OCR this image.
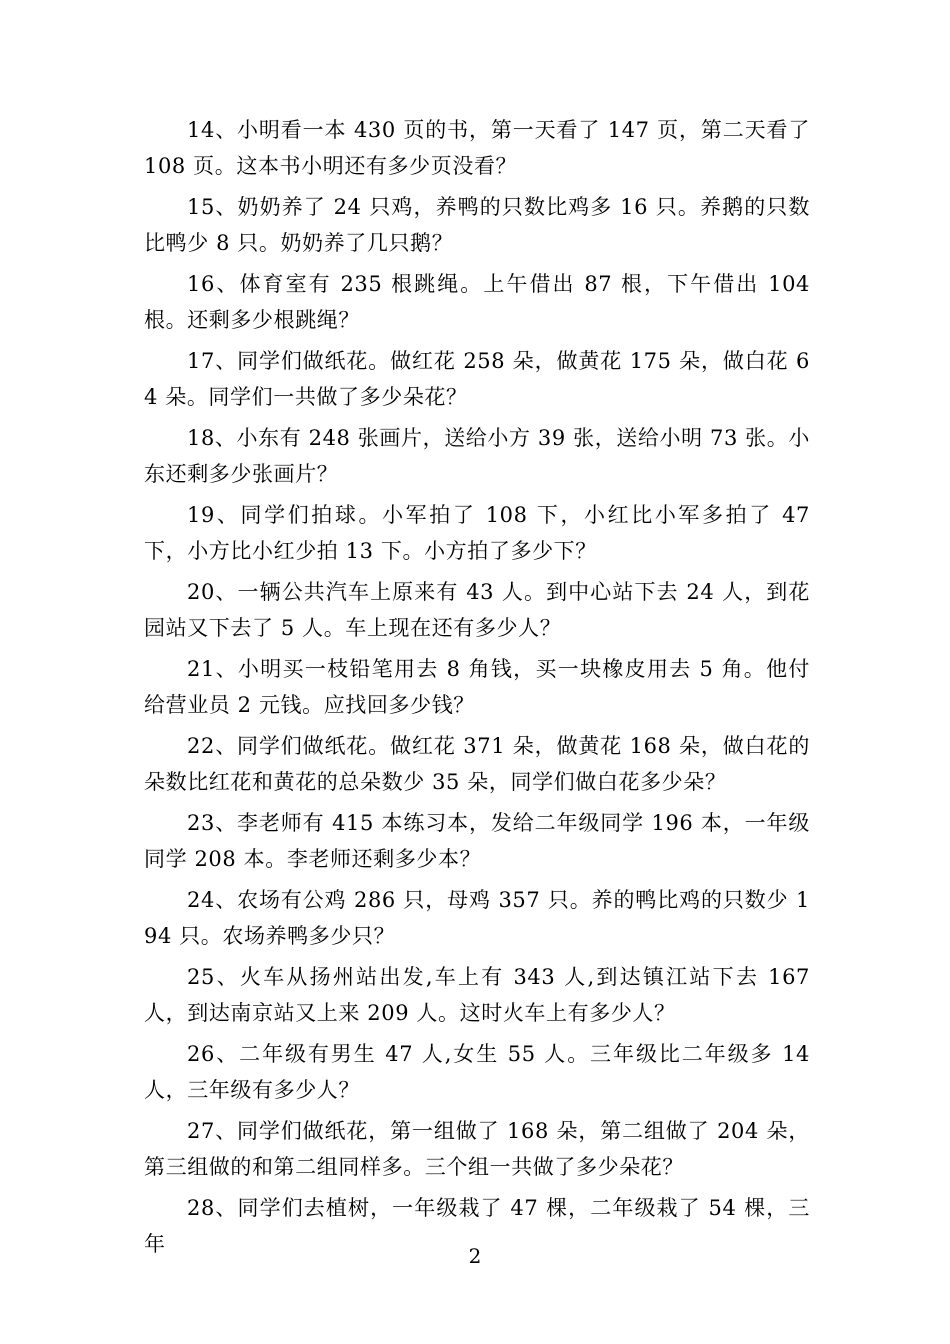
14、小明看一本 430 页的书，第一天看了 147 页，第二天看了 108 页。这本书小明还有多少页没看？

15、奶奶养了 24 只鸡，养鸭的只数比鸡多 16 只。养鹅的只数比鸭少 8 只。奶奶养了几只鹅？

16、体育室有 235 根跳绳。上午借出 87 根，下午借出 104 根。还剩多少根跳绳？

17、同学们做纸花。做红花 258 朵，做黄花 175 朵，做白花 64 朵。同学们一共做了多少朵花？

18、小东有 248 张画片，送给小方 39 张，送给小明 73 张。小东还剩多少张画片？

19、同学们拍球。小军拍了 108 下，小红比小军多拍了 47 下，小方比小红少拍 13 下。小方拍了多少下？

20、一辆公共汽车上原来有 43 人。到中心站下去 24 人，到花园站又下去了 5 人。车上现在还有多少人？

21、小明买一枝铅笔用去 8 角钱，买一块橡皮用去 5 角。他付给营业员 2 元钱。应找回多少钱？

22、同学们做纸花。做红花 371 朵，做黄花 168 朵，做白花的朵数比红花和黄花的总朵数少 35 朵，同学们做白花多少朵？

23、李老师有 415 本练习本，发给二年级同学 196 本，一年级同学 208 本。李老师还剩多少本？

24、农场有公鸡 286 只，母鸡 357 只。养的鸭比鸡的只数少 194 只。农场养鸭多少只？

25、火车从扬州站出发,车上有 343 人,到达镇江站下去 167 人，到达南京站又上来 209 人。这时火车上有多少人？

26、二年级有男生 47 人,女生 55 人。三年级比二年级多 14 人，三年级有多少人？

27、同学们做纸花，第一组做了 168 朵，第二组做了 204 朵，第三组做的和第二组同样多。三个组一共做了多少朵花？

28、同学们去植树，一年级栽了 47 棵，二年级栽了 54 棵，三年	2
